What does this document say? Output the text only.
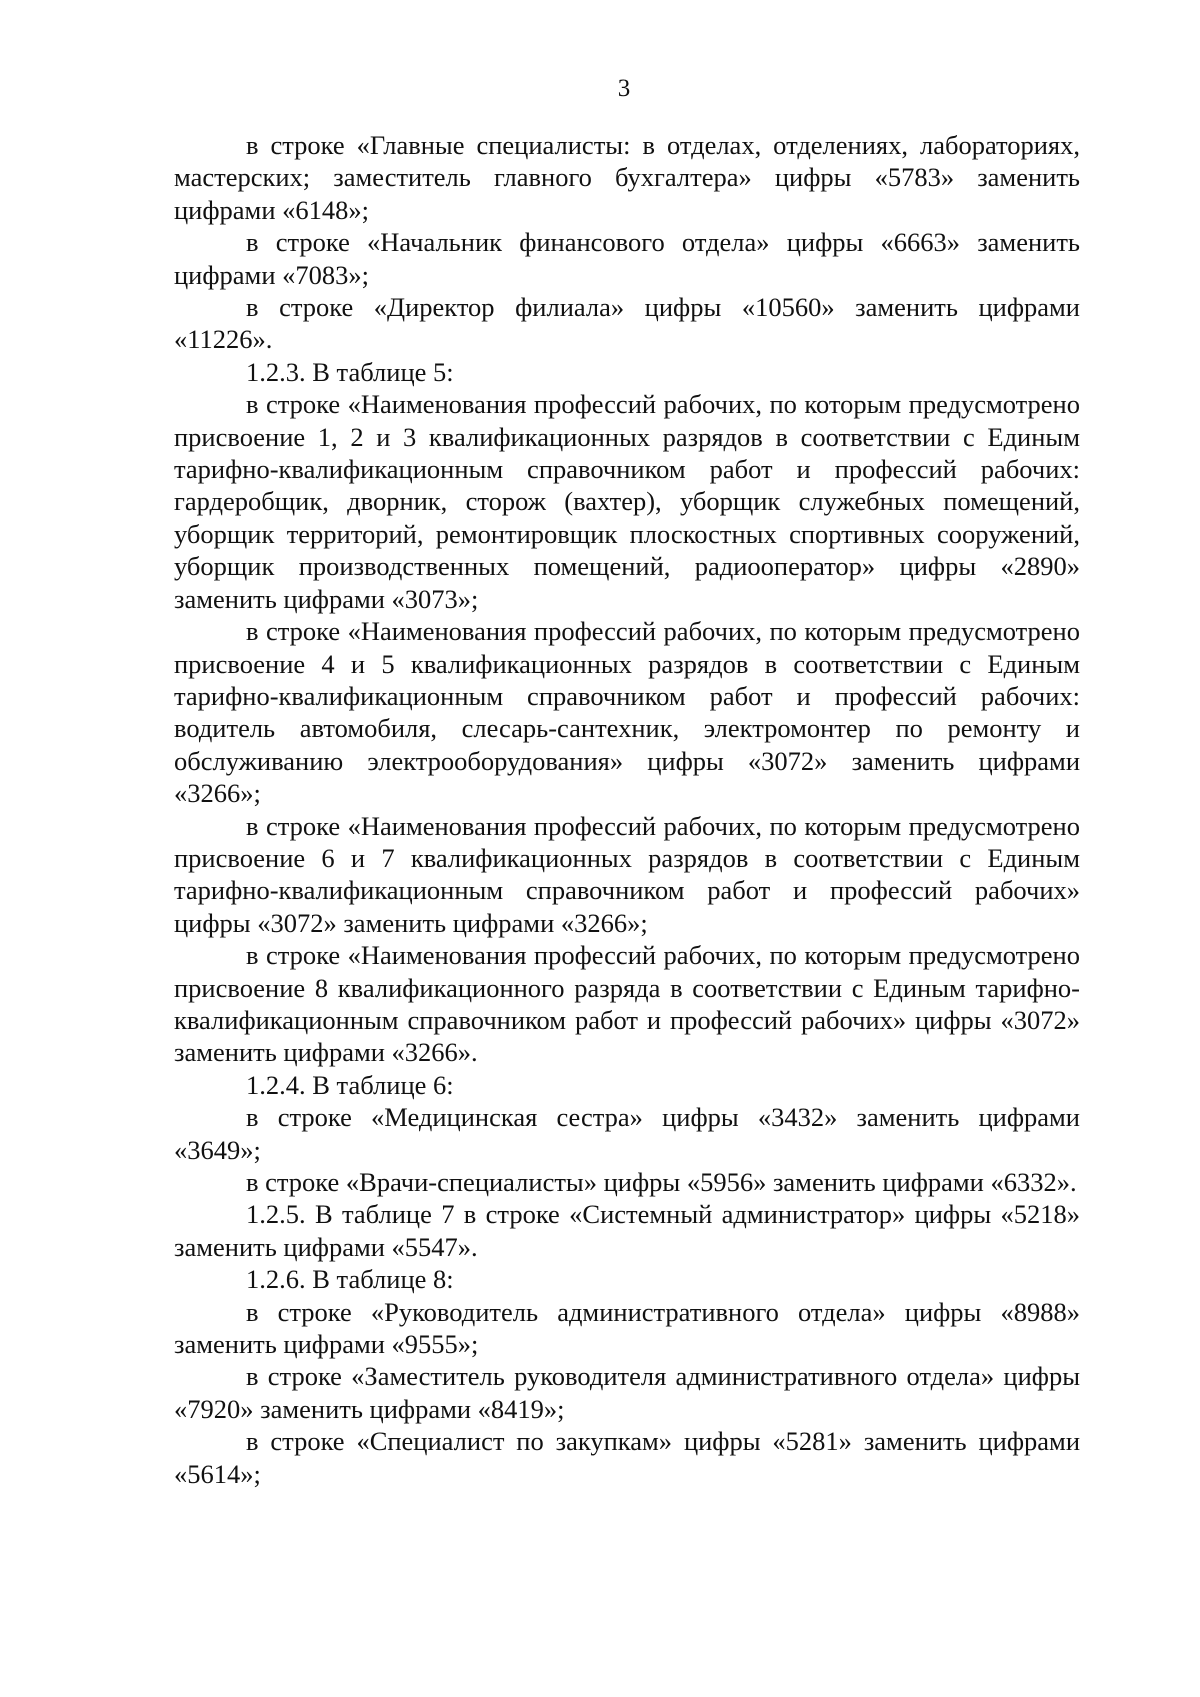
3

в строке «Главные специалисты: в отделах, отделениях, лабораториях, мастерских; заместитель главного бухгалтера» цифры «5783» заменить цифрами «6148»;

в строке «Начальник финансового отдела» цифры «6663» заменить цифрами «7083»;

в строке «Директор филиала» цифры «10560» заменить цифрами «11226».

1.2.3. В таблице 5:

в строке «Наименования профессий рабочих, по которым предусмотрено присвоение 1, 2 и 3 квалификационных разрядов в соответствии с Единым тарифно-квалификационным справочником работ и профессий рабочих: гардеробщик, дворник, сторож (вахтер), уборщик служебных помещений, уборщик территорий, ремонтировщик плоскостных спортивных сооружений, уборщик производственных помещений, радиооператор» цифры «2890» заменить цифрами «3073»;

в строке «Наименования профессий рабочих, по которым предусмотрено присвоение 4 и 5 квалификационных разрядов в соответствии с Единым тарифно-квалификационным справочником работ и профессий рабочих: водитель автомобиля, слесарь-сантехник, электромонтер по ремонту и обслуживанию электрооборудования» цифры «3072» заменить цифрами «3266»;

в строке «Наименования профессий рабочих, по которым предусмотрено присвоение 6 и 7 квалификационных разрядов в соответствии с Единым тарифно-квалификационным справочником работ и профессий рабочих» цифры «3072» заменить цифрами «3266»;

в строке «Наименования профессий рабочих, по которым предусмотрено присвоение 8 квалификационного разряда в соответствии с Единым тарифно-квалификационным справочником работ и профессий рабочих» цифры «3072» заменить цифрами «3266».

1.2.4. В таблице 6:

в строке «Медицинская сестра» цифры «3432» заменить цифрами «3649»;

в строке «Врачи-специалисты» цифры «5956» заменить цифрами «6332».

1.2.5. В таблице 7 в строке «Системный администратор» цифры «5218» заменить цифрами «5547».

1.2.6. В таблице 8:

в строке «Руководитель административного отдела» цифры «8988» заменить цифрами «9555»;

в строке «Заместитель руководителя административного отдела» цифры «7920» заменить цифрами «8419»;

в строке «Специалист по закупкам» цифры «5281» заменить цифрами «5614»;
